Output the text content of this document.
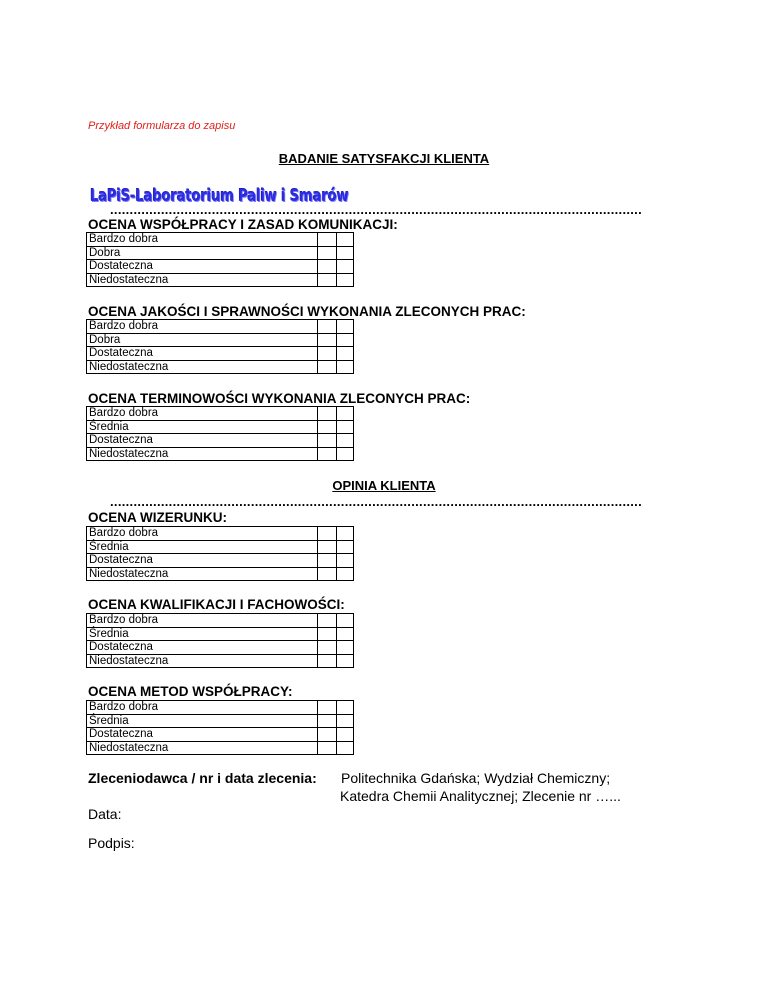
Przykład formularza do zapisu
BADANIE SATYSFAKCJI KLIENTA
LaPiS-Laboratorium Paliw i Smarów
........................................................................................................................................
OCENA WSPÓŁPRACY I ZASAD KOMUNIKACJI:
Bardzo dobra		
Dobra		
Dostateczna		
Niedostateczna		
OCENA JAKOŚCI I SPRAWNOŚCI WYKONANIA ZLECONYCH PRAC:
Bardzo dobra		
Dobra		
Dostateczna		
Niedostateczna		
OCENA TERMINOWOŚCI WYKONANIA ZLECONYCH PRAC:
Bardzo dobra		
Średnia		
Dostateczna		
Niedostateczna		
OPINIA KLIENTA
........................................................................................................................................
OCENA WIZERUNKU:
Bardzo dobra		
Średnia		
Dostateczna		
Niedostateczna		
OCENA KWALIFIKACJI I FACHOWOŚCI:
Bardzo dobra		
Średnia		
Dostateczna		
Niedostateczna		
OCENA METOD WSPÓŁPRACY:
Bardzo dobra		
Średnia		
Dostateczna		
Niedostateczna		
Zleceniodawca / nr i data zlecenia: Politechnika Gdańska; Wydział Chemiczny;
Katedra Chemii Analitycznej; Zlecenie nr …...
Data:
Podpis:
